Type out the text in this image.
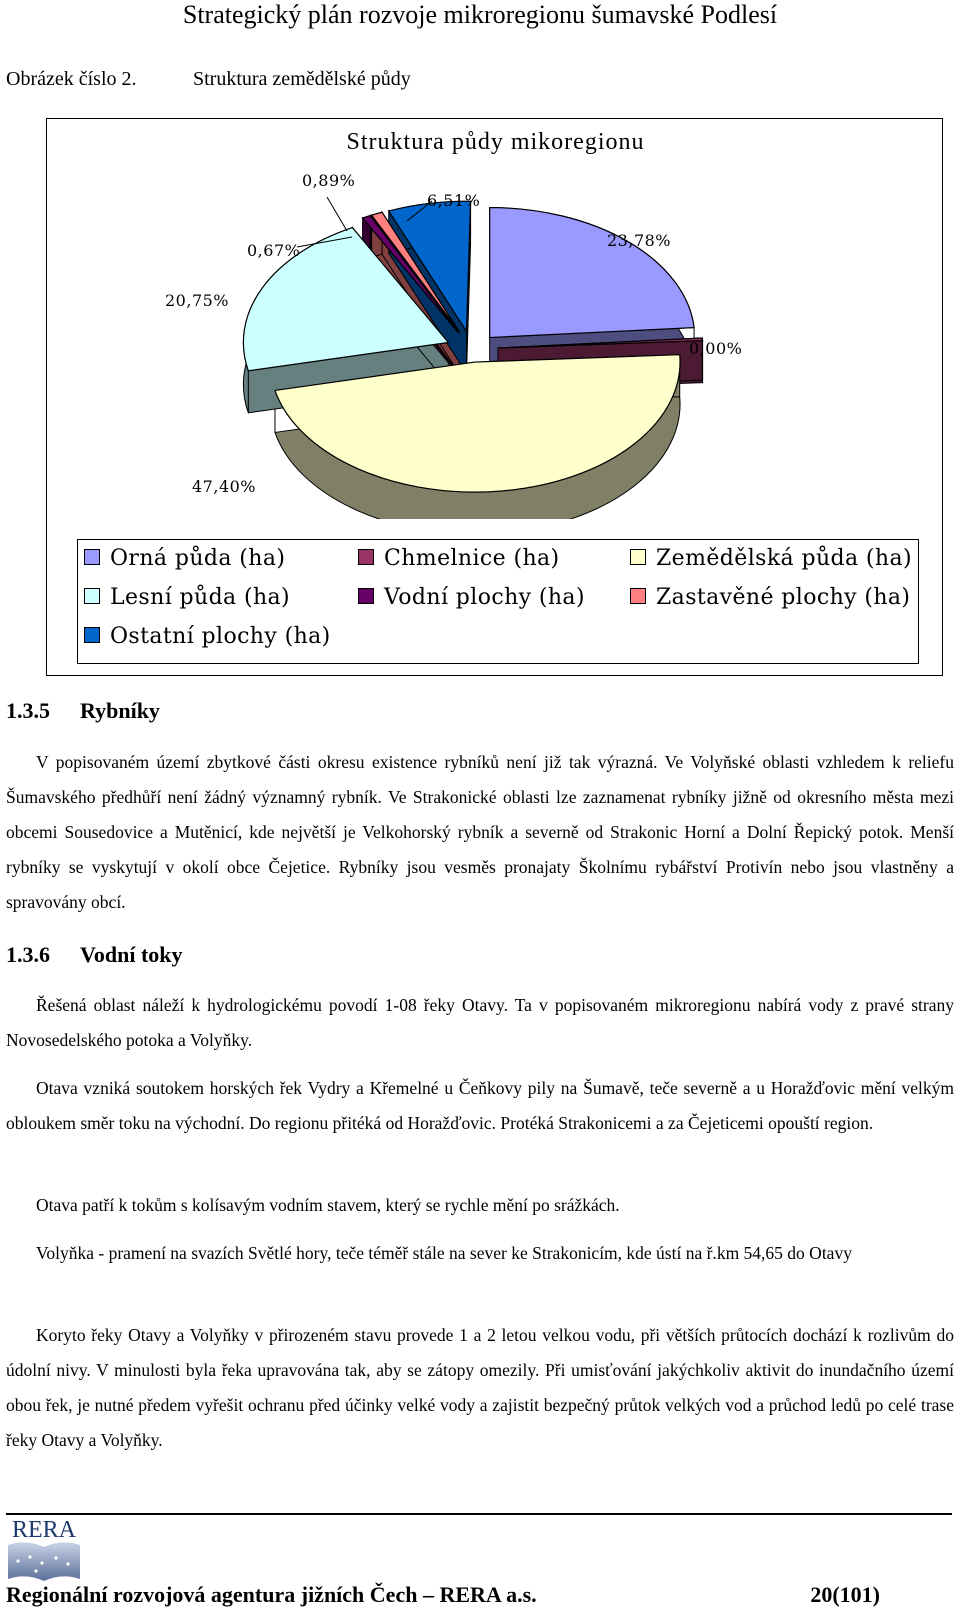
Strategický plán rozvoje mikroregionu šumavské Podlesí
Obrázek číslo 2.	Struktura zemědělské půdy
Struktura půdy mikoregionu
23,78%
0,00%
47,40%
20,75%
0,67%
0,89%
6,51%
Orná půda (ha)	Chmelnice (ha)	Zemědělská půda (ha)
Lesní půda (ha)	Vodní plochy (ha)	Zastavěné plochy (ha)
Ostatní plochy (ha)
1.3.5 Rybníky
V popisovaném území zbytkové části okresu existence rybníků není již tak výrazná. Ve Volyňské oblasti vzhledem k reliefu Šumavského předhůří není žádný významný rybník. Ve Strakonické oblasti lze zaznamenat rybníky jižně od okresního města mezi obcemi Sousedovice a Mutěnicí, kde největší je Velkohorský rybník a severně od Strakonic Horní a Dolní Řepický potok. Menší rybníky se vyskytují v okolí obce Čejetice. Rybníky jsou vesměs pronajaty Školnímu rybářství Protivín nebo jsou vlastněny a spravovány obcí.
1.3.6 Vodní toky
Řešená oblast náleží k hydrologickému povodí 1-08 řeky Otavy. Ta v popisovaném mikroregionu nabírá vody z pravé strany Novosedelského potoka a Volyňky.
Otava vzniká soutokem horských řek Vydry a Křemelné u Čeňkovy pily na Šumavě, teče severně a u Horažďovic mění velkým obloukem směr toku na východní. Do regionu přitéká od Horažďovic. Protéká Strakonicemi a za Čejeticemi opouští region.
Otava patří k tokům s kolísavým vodním stavem, který se rychle mění po srážkách.
Volyňka - pramení na svazích Světlé hory, teče téměř stále na sever ke Strakonicím, kde ústí na ř.km 54,65 do Otavy
Koryto řeky Otavy a Volyňky v přirozeném stavu provede 1 a 2 letou velkou vodu, při větších průtocích dochází k rozlivům do údolní nivy. V minulosti byla řeka upravována tak, aby se zátopy omezily. Při umisťování jakýchkoliv aktivit do inundačního území obou řek, je nutné předem vyřešit ochranu před účinky velké vody a zajistit bezpečný průtok velkých vod a průchod ledů po celé trase řeky Otavy a Volyňky.
RERA
Regionální rozvojová agentura jižních Čech – RERA a.s.	20(101)
